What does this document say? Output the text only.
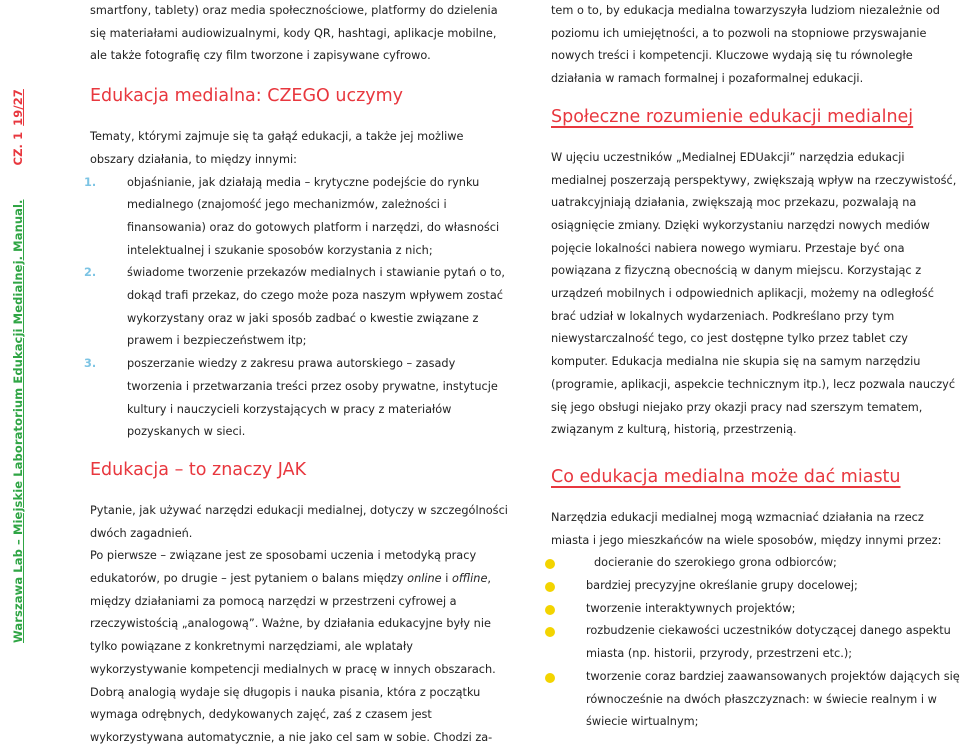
Warszawa Lab – Miejskie Laboratorium Edukacji Medialnej. Manual.CZ. 119/27

smartfony, tablety) oraz media społecznościowe, platformy do dzielenia się materiałami audiowizualnymi, kody QR, hashtagi, aplikacje mobilne, ale także fotografię czy film tworzone i zapisywane cyfrowo.

Edukacja medialna: CZEGO uczymy

Tematy, którymi zajmuje się ta gałąź edukacji, a także jej możliwe obszary działania, to między innymi:

1.	objaśnianie, jak działają media – krytyczne podejście do rynku medialnego (znajomość jego mechanizmów, zależności i finansowania) oraz do gotowych platform i narzędzi, do własności intelektualnej i szukanie sposobów korzystania z nich;
2.	świadome tworzenie przekazów medialnych i stawianie pytań o to, dokąd trafi przekaz, do czego może poza naszym wpływem zostać wykorzystany oraz w jaki sposób zadbać o kwestie związane z prawem i bezpieczeństwem itp;
3.	poszerzanie wiedzy z zakresu prawa autorskiego – zasady tworzenia i przetwarzania treści przez osoby prywatne, instytucje kultury i nauczycieli korzystających w pracy z materiałów pozyskanych w sieci.
Edukacja – to znaczy JAK

Pytanie, jak używać narzędzi edukacji medialnej, dotyczy w szczególności dwóch zagadnień.

Po pierwsze – związane jest ze sposobami uczenia i metodyką pracy edukatorów, po drugie – jest pytaniem o balans między online i offline, między działaniami za pomocą narzędzi w przestrzeni cyfrowej a rzeczywistością „analogową”. Ważne, by działania edukacyjne były nie tylko powiązane z konkretnymi narzędziami, ale wplatały wykorzystywanie kompetencji medialnych w pracę w innych obszarach. Dobrą analogią wydaje się długopis i nauka pisania, która z początku wymaga odrębnych, dedykowanych zajęć, zaś z czasem jest wykorzystywana automatycznie, a nie jako cel sam w sobie. Chodzi za-

tem o to, by edukacja medialna towarzyszyła ludziom niezależnie od poziomu ich umiejętności, a to pozwoli na stopniowe przyswajanie nowych treści i kompetencji. Kluczowe wydają się tu równoległe działania w ramach formalnej i pozaformalnej edukacji.

Społeczne rozumienie edukacji medialnej

W ujęciu uczestników „Medialnej EDUakcji” narzędzia edukacji medialnej poszerzają perspektywy, zwiększają wpływ na rzeczywistość, uatrakcyjniają działania, zwiększają moc przekazu, pozwalają na osiągnięcie zmiany. Dzięki wykorzystaniu narzędzi nowych mediów pojęcie lokalności nabiera nowego wymiaru. Przestaje być ona powiązana z fizyczną obecnością w danym miejscu. Korzystając z urządzeń mobilnych i odpowiednich aplikacji, możemy na odległość brać udział w lokalnych wydarzeniach. Podkreślano przy tym niewystarczalność tego, co jest dostępne tylko przez tablet czy komputer. Edukacja medialna nie skupia się na samym narzędziu (programie, aplikacji, aspekcie technicznym itp.), lecz pozwala nauczyć się jego obsługi niejako przy okazji pracy nad szerszym tematem, związanym z kulturą, historią, przestrzenią.

Co edukacja medialna może dać miastu

Narzędzia edukacji medialnej mogą wzmacniać działania na rzecz miasta i jego mieszkańców na wiele sposobów, między innymi przez:

docieranie do szerokiego grona odbiorców;
bardziej precyzyjne określanie grupy docelowej;
tworzenie interaktywnych projektów;
rozbudzenie ciekawości uczestników dotyczącej danego aspektu miasta (np. historii, przyrody, przestrzeni etc.);
tworzenie coraz bardziej zaawansowanych projektów dających się równocześnie na dwóch płaszczyznach: w świecie realnym i w świecie wirtualnym;
